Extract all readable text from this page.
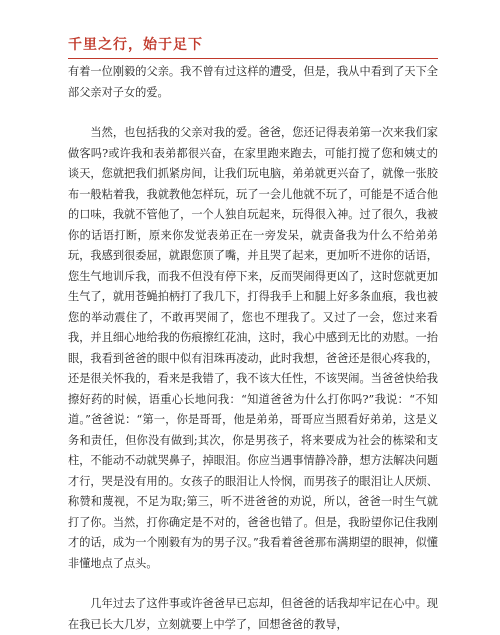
千里之行，始于足下

有着一位刚毅的父亲。我不曾有过这样的遭受，但是，我从中看到了天下全部父亲对子女的爱。

当然，也包括我的父亲对我的爱。爸爸，您还记得表弟第一次来我们家做客吗?或许我和表弟都很兴奋，在家里跑来跑去，可能打搅了您和姨丈的谈天，您就把我们抓紧房间，让我们玩电脑，弟弟就更兴奋了，就像一张胶布一般粘着我，我就教他怎样玩，玩了一会儿他就不玩了，可能是不适合他的口味，我就不管他了，一个人独自玩起来，玩得很入神。过了很久，我被你的话语打断，原来你发觉表弟正在一旁发呆，就责备我为什么不给弟弟玩，我感到很委屈，就跟您顶了嘴，并且哭了起来，更加听不进你的话语，您生气地训斥我，而我不但没有停下来，反而哭闹得更凶了，这时您就更加生气了，就用苍蝇拍柄打了我几下，打得我手上和腿上好多条血痕，我也被您的举动震住了，不敢再哭闹了，您也不理我了。又过了一会，您过来看我，并且细心地给我的伤痕擦红花油，这时，我心中感到无比的劝慰。一抬眼，我看到爸爸的眼中似有泪珠再凌动，此时我想，爸爸还是很心疼我的，还是很关怀我的，看来是我错了，我不该大任性，不该哭闹。当爸爸快给我擦好药的时候，语重心长地问我：“知道爸爸为什么打你吗?”我说：“不知道。”爸爸说：“第一，你是哥哥，他是弟弟，哥哥应当照看好弟弟，这是义务和责任，但你没有做到;其次，你是男孩子，将来要成为社会的栋梁和支柱，不能动不动就哭鼻子，掉眼泪。你应当遇事情静冷静，想方法解决问题才行，哭是没有用的。女孩子的眼泪让人怜悯，而男孩子的眼泪让人厌烦、称赞和蔑视，不足为取;第三，听不进爸爸的劝说，所以，爸爸一时生气就打了你。当然，打你确定是不对的，爸爸也错了。但是，我盼望你记住我刚才的话，成为一个刚毅有为的男子汉。”我看着爸爸那布满期望的眼神，似懂非懂地点了点头。

几年过去了这件事或许爸爸早已忘却，但爸爸的话我却牢记在心中。现在我已长大几岁，立刻就要上中学了，回想爸爸的教导，
